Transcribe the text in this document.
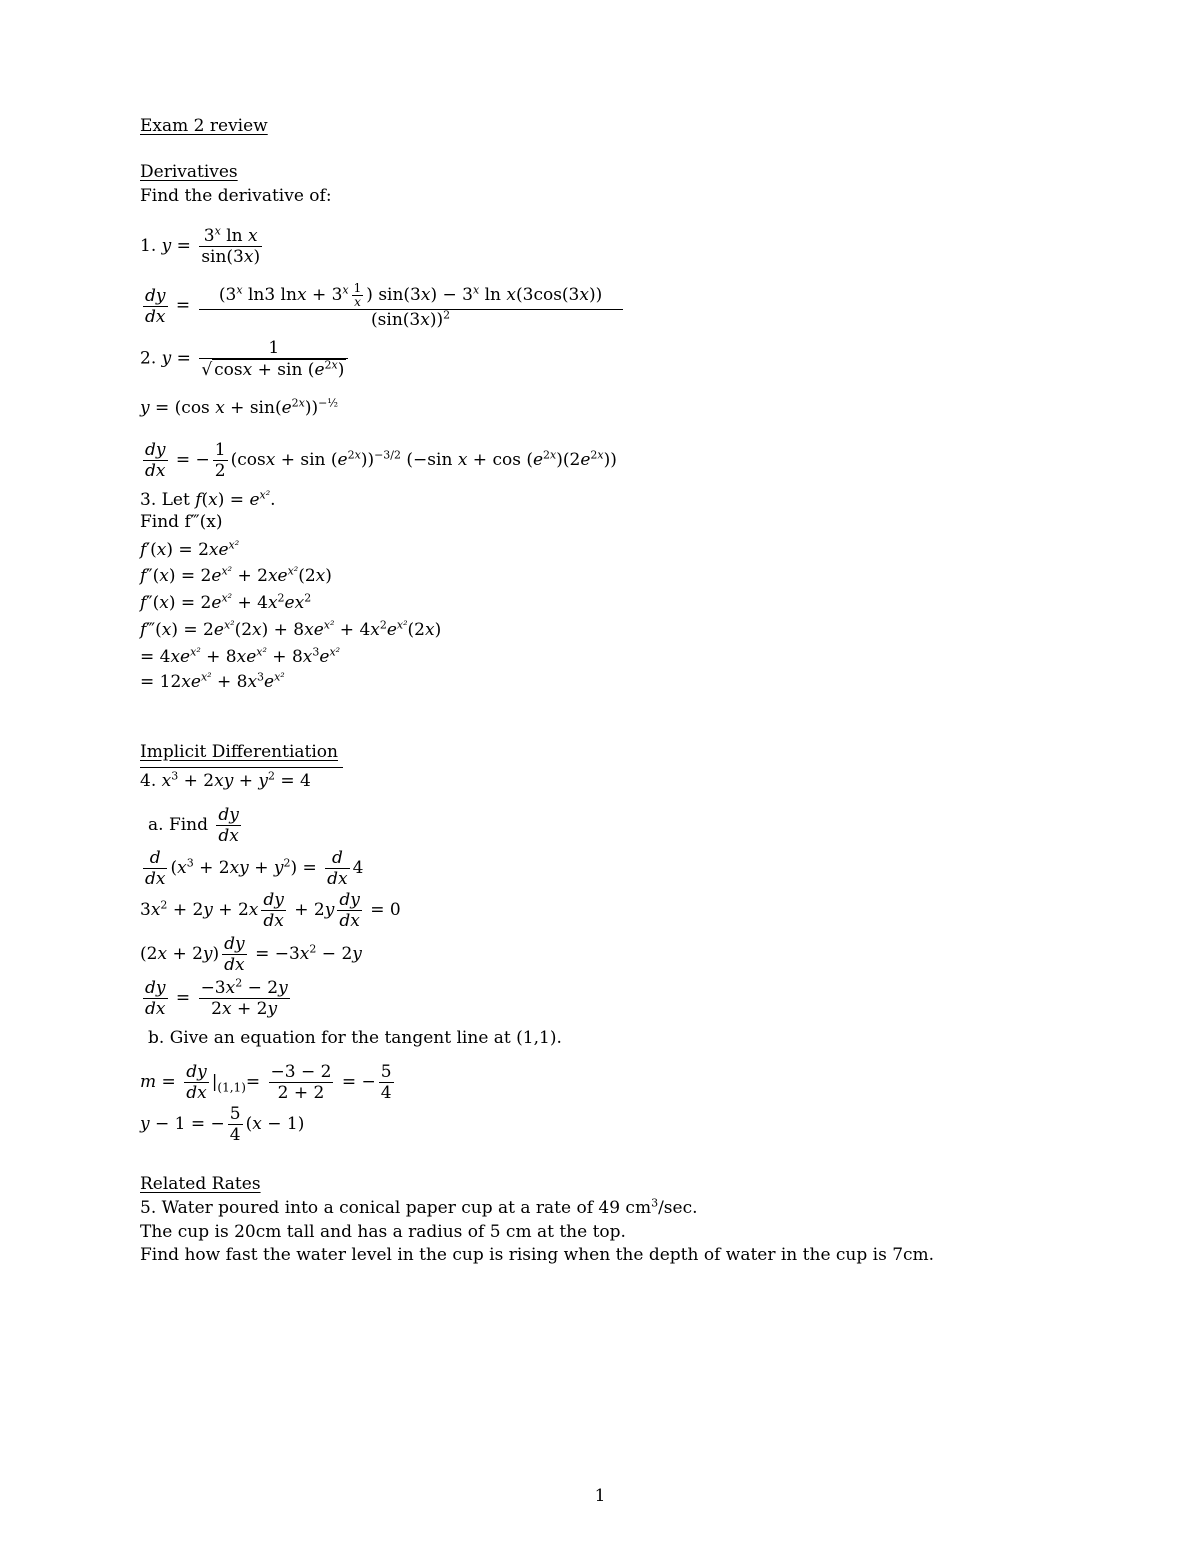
Exam 2 review
Derivatives
Find the derivative of:
1. $y = \frac{3^x \ln x}{\sin(3x)}$
$\frac{dy}{dx} = \frac{(3^x \ln 3 \ln x + 3^x \frac{1}{x} ) \sin(3x) - 3^x \ln x(3\cos(3x))}{(\sin(3x))^2}$
2. $y = \frac{1}{√ \cos x + \sin (e^{2x})}$
y = (cos $x + \sin(e^{2x}))^{-\frac{1}{2}}$
$\frac{dy}{dx}$ = − $\frac{1}{2} (\cos x + \sin (e^{2x}))^{-3/2}$ (−sin $x + \cos (e^{2x})(2e^{2x})$)
3. Let $f(x) = e^{x^2}$.
Find f‴(x)
$f'(x) = 2xe^{x^2}$
$f''(x) = 2e^{x^2} + 2xe^{x^2}(2x)$
$f''(x) = 2e^{x^2} + 4x^2ex^2$
f‴(x) = $2e^{x^2}(2x) + 8xe^{x^2} + 4x^2e^{x^2}(2x)$
= $4xe^{x^2} + 8xe^{x^2} + 8x^3e^{x^2}$
= $12xe^{x^2} + 8x^3e^{x^2}$
Implicit Differentiation
4. $x^3 + 2xy + y^2 = 4$
a. Find $\frac{dy}{dx}$
$\frac{d}{dx} (x^3 + 2xy + y^2) = \frac{d}{dx} 4$
$3x^2 + 2y + 2x \frac{dy}{dx} + 2y \frac{dy}{dx} = 0$
$(2x + 2y) \frac{dy}{dx} = -3x^2 - 2y$
$\frac{dy}{dx} = \frac{-3x^2 - 2y}{2x + 2y}$
b. Give an equation for the tangent line at (1,1).
$m = \frac{dy}{dx} |_{(1,1)}= \frac{-3 - 2}{2 + 2}$ = − $\frac{5}{4}$
y − 1 = − $\frac{5}{4} (x - 1)$
Related Rates
5. Water poured into a conical paper cup at a rate of 49 $cm^3/\sec$.
The cup is 20cm tall and has a radius of 5 cm at the top.
Find how fast the water level in the cup is rising when the depth of water in the cup is 7cm.
1
